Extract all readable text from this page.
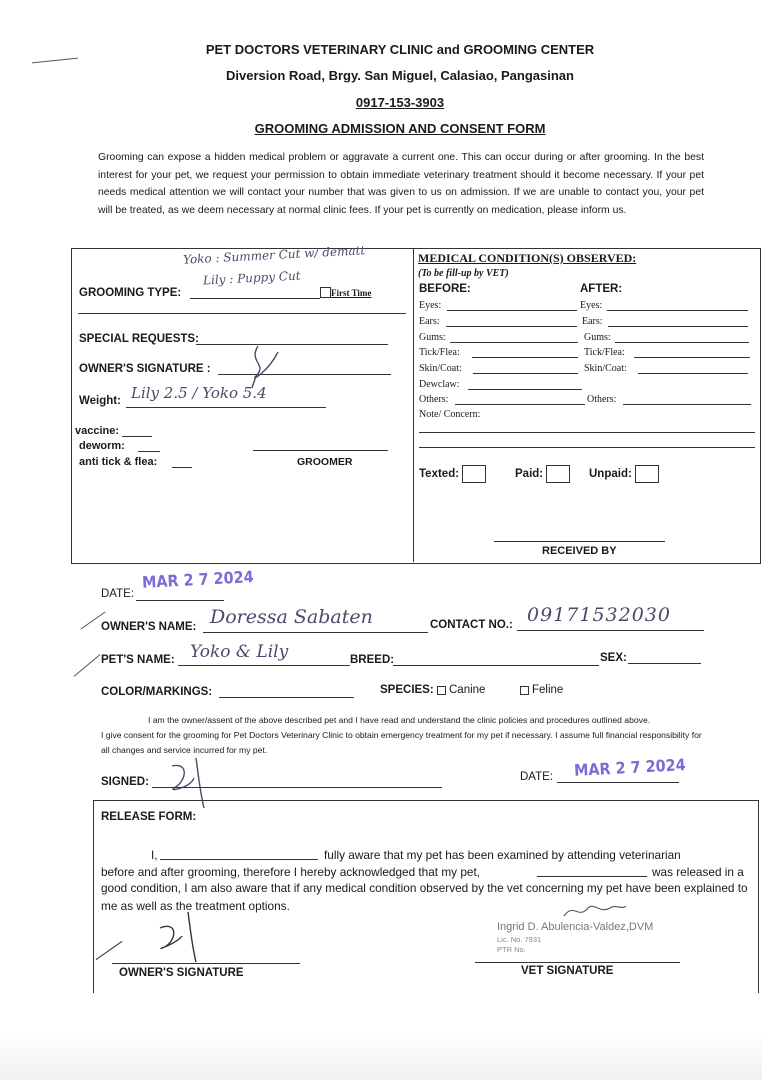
PET DOCTORS VETERINARY CLINIC and GROOMING CENTER
Diversion Road, Brgy. San Miguel, Calasiao, Pangasinan
0917-153-3903
GROOMING ADMISSION AND CONSENT FORM
Grooming can expose a hidden medical problem or aggravate a current one. This can occur during or after grooming. In the best interest for your pet, we request your permission to obtain immediate veterinary treatment should it become necessary. If your pet needs medical attention we will contact your number that was given to us on admission. If we are unable to contact you, your pet will be treated, as we deem necessary at normal clinic fees. If your pet is currently on medication, please inform us.
Yoko : Summer Cut w/ dematt
Lily : Puppy Cut
GROOMING TYPE:	First Time
SPECIAL REQUESTS:
OWNER'S SIGNATURE :
Weight: Lily 2.5 / Yoko 5.4
vaccine:
deworm:
anti tick & flea:	GROOMER
MEDICAL CONDITION(S) OBSERVED:
(To be fill-up by VET)
BEFORE:	AFTER:
Eyes:	Eyes:
Ears:	Ears:
Gums:	Gums:
Tick/Flea:	Tick/Flea:
Skin/Coat:	Skin/Coat:
Dewclaw:
Others:	Others:
Note/ Concern:
Texted:	Paid:	Unpaid:
RECEIVED BY
DATE:
MAR 2 7 2024
OWNER'S NAME: Doressa Sabaten	CONTACT NO.: 09171532030
PET'S NAME: Yoko & Lily	BREED:	SEX:
COLOR/MARKINGS:	SPECIES: Canine	Feline
I am the owner/assent of the above described pet and I have read and understand the clinic policies and procedures outlined above.
I give consent for the grooming for Pet Doctors Veterinary Clinic to obtain emergency treatment for my pet if necessary. I assume full financial responsibility for all changes and service incurred for my pet.
SIGNED:	DATE: MAR 2 7 2024
RELEASE FORM:
I,	fully aware that my pet has been examined by attending veterinarian
before and after grooming, therefore I hereby acknowledged that my pet,	was released in a
good condition, I am also aware that if any medical condition observed by the vet concerning my pet have been explained to me as well as the treatment options.
Ingrid D. Abulencia-Valdez,DVM
Lic. No. 7931
PTR No.
OWNER'S SIGNATURE	VET SIGNATURE
